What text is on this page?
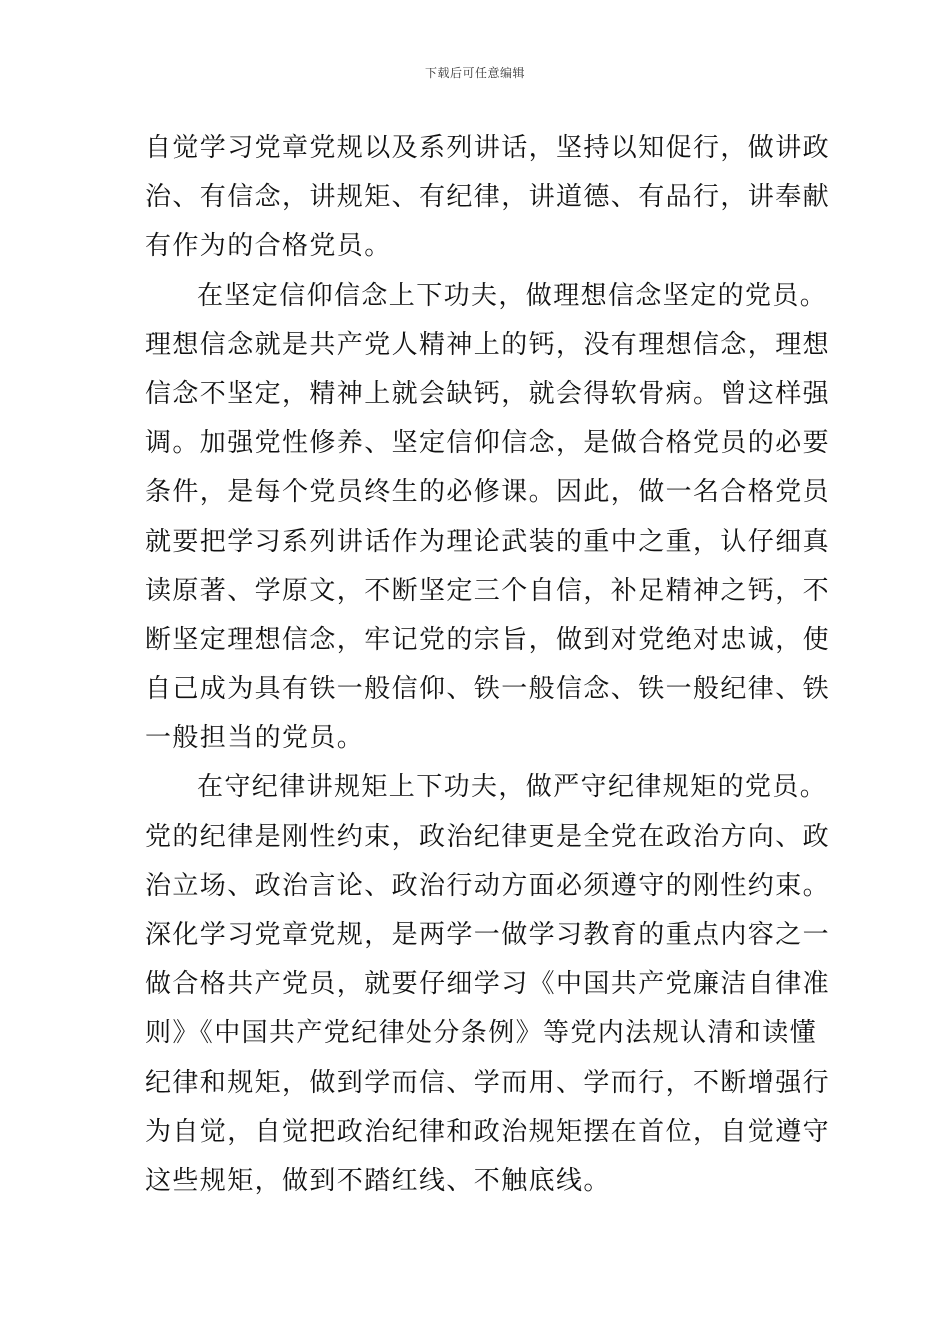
下载后可任意编辑
自觉学习党章党规以及系列讲话，坚持以知促行，做讲政
治、有信念，讲规矩、有纪律，讲道德、有品行，讲奉献
有作为的合格党员。
在坚定信仰信念上下功夫，做理想信念坚定的党员。
理想信念就是共产党人精神上的钙，没有理想信念，理想
信念不坚定，精神上就会缺钙，就会得软骨病。曾这样强
调。加强党性修养、坚定信仰信念，是做合格党员的必要
条件，是每个党员终生的必修课。因此，做一名合格党员
就要把学习系列讲话作为理论武装的重中之重，认仔细真
读原著、学原文，不断坚定三个自信，补足精神之钙，不
断坚定理想信念，牢记党的宗旨，做到对党绝对忠诚，使
自己成为具有铁一般信仰、铁一般信念、铁一般纪律、铁
一般担当的党员。
在守纪律讲规矩上下功夫，做严守纪律规矩的党员。
党的纪律是刚性约束，政治纪律更是全党在政治方向、政
治立场、政治言论、政治行动方面必须遵守的刚性约束。
深化学习党章党规，是两学一做学习教育的重点内容之一
做合格共产党员，就要仔细学习《中国共产党廉洁自律准
则》《中国共产党纪律处分条例》等党内法规认清和读懂
纪律和规矩，做到学而信、学而用、学而行，不断增强行
为自觉，自觉把政治纪律和政治规矩摆在首位，自觉遵守
这些规矩，做到不踏红线、不触底线。
